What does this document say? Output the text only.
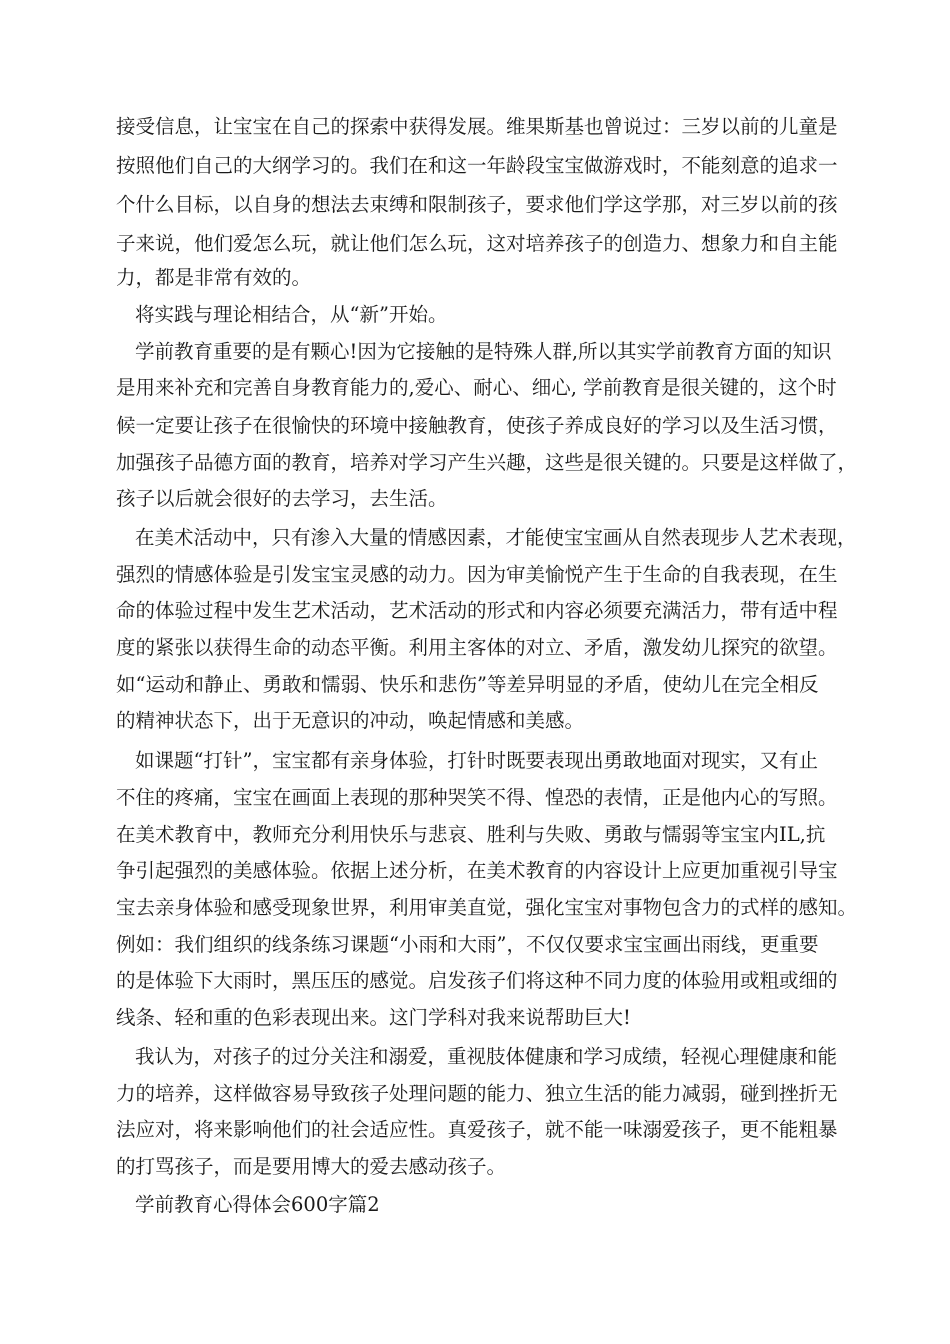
接受信息，让宝宝在自己的探索中获得发展。维果斯基也曾说过：三岁以前的儿童是
按照他们自己的大纲学习的。我们在和这一年龄段宝宝做游戏时，不能刻意的追求一
个什么目标，以自身的想法去束缚和限制孩子，要求他们学这学那，对三岁以前的孩
子来说，他们爱怎么玩，就让他们怎么玩，这对培养孩子的创造力、想象力和自主能
力，都是非常有效的。
将实践与理论相结合，从“新”开始。
学前教育重要的是有颗心!因为它接触的是特殊人群,所以其实学前教育方面的知识
是用来补充和完善自身教育能力的,爱心、耐心、细心, 学前教育是很关键的，这个时
候一定要让孩子在很愉快的环境中接触教育，使孩子养成良好的学习以及生活习惯，
加强孩子品德方面的教育，培养对学习产生兴趣，这些是很关键的。只要是这样做了，
孩子以后就会很好的去学习，去生活。
在美术活动中，只有渗入大量的情感因素，才能使宝宝画从自然表现步人艺术表现，
强烈的情感体验是引发宝宝灵感的动力。因为审美愉悦产生于生命的自我表现，在生
命的体验过程中发生艺术活动，艺术活动的形式和内容必须要充满活力，带有适中程
度的紧张以获得生命的动态平衡。利用主客体的对立、矛盾，激发幼儿探究的欲望。
如“运动和静止、勇敢和懦弱、快乐和悲伤”等差异明显的矛盾，使幼儿在完全相反
的精神状态下，出于无意识的冲动，唤起情感和美感。
如课题“打针”，宝宝都有亲身体验，打针时既要表现出勇敢地面对现实，又有止
不住的疼痛，宝宝在画面上表现的那种哭笑不得、惶恐的表情，正是他内心的写照。
在美术教育中，教师充分利用快乐与悲哀、胜利与失败、勇敢与懦弱等宝宝内IL,抗
争引起强烈的美感体验。依据上述分析，在美术教育的内容设计上应更加重视引导宝
宝去亲身体验和感受现象世界，利用审美直觉，强化宝宝对事物包含力的式样的感知。
例如：我们组织的线条练习课题“小雨和大雨”，不仅仅要求宝宝画出雨线，更重要
的是体验下大雨时，黑压压的感觉。启发孩子们将这种不同力度的体验用或粗或细的
线条、轻和重的色彩表现出来。这门学科对我来说帮助巨大!
我认为，对孩子的过分关注和溺爱，重视肢体健康和学习成绩，轻视心理健康和能
力的培养，这样做容易导致孩子处理问题的能力、独立生活的能力减弱，碰到挫折无
法应对，将来影响他们的社会适应性。真爱孩子，就不能一味溺爱孩子，更不能粗暴
的打骂孩子，而是要用博大的爱去感动孩子。
学前教育心得体会600字篇2
